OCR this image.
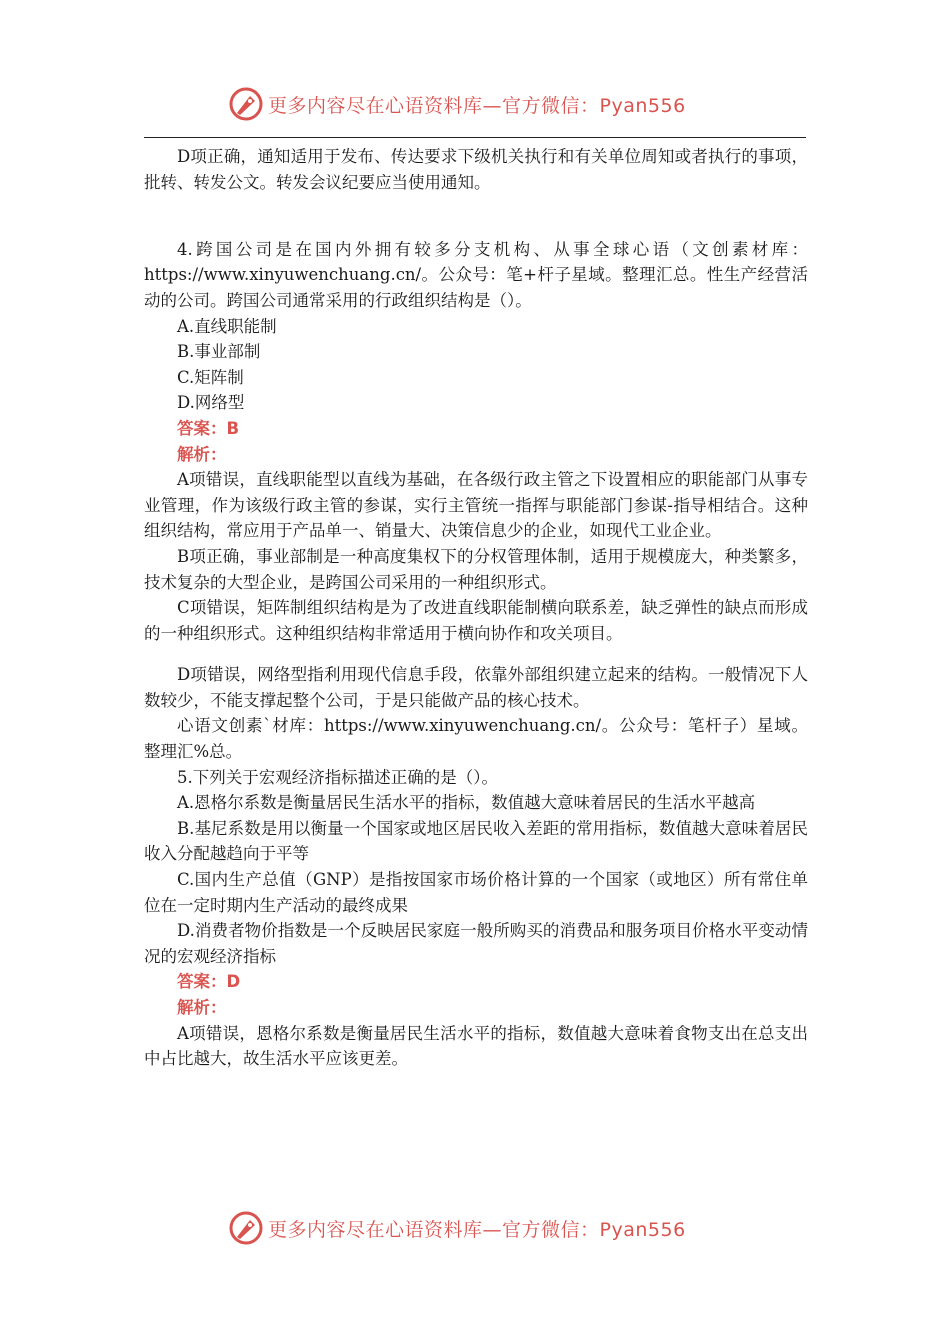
更多内容尽在心语资料库—官方微信：Pyan556

D项正确，通知适用于发布、传达要求下级机关执行和有关单位周知或者执行的事项，批转、转发公文。转发会议纪要应当使用通知。

4.跨国公司是在国内外拥有较多分支机构、从事全球心语（文创素材库：https://www.xinyuwenchuang.cn/。公众号：笔+杆子星域。整理汇总。性生产经营活动的公司。跨国公司通常采用的行政组织结构是（）。

A.直线职能制

B.事业部制

C.矩阵制

D.网络型

答案：B

解析：

A项错误，直线职能型以直线为基础，在各级行政主管之下设置相应的职能部门从事专业管理，作为该级行政主管的参谋，实行主管统一指挥与职能部门参谋-指导相结合。这种组织结构，常应用于产品单一、销量大、决策信息少的企业，如现代工业企业。

B项正确，事业部制是一种高度集权下的分权管理体制，适用于规模庞大，种类繁多，技术复杂的大型企业，是跨国公司采用的一种组织形式。

C项错误，矩阵制组织结构是为了改进直线职能制横向联系差，缺乏弹性的缺点而形成的一种组织形式。这种组织结构非常适用于横向协作和攻关项目。

D项错误，网络型指利用现代信息手段，依靠外部组织建立起来的结构。一般情况下人数较少，不能支撑起整个公司，于是只能做产品的核心技术。

心语文创素`材库：https://www.xinyuwenchuang.cn/。公众号：笔杆子）星域。整理汇%总。

5.下列关于宏观经济指标描述正确的是（）。

A.恩格尔系数是衡量居民生活水平的指标，数值越大意味着居民的生活水平越高

B.基尼系数是用以衡量一个国家或地区居民收入差距的常用指标，数值越大意味着居民收入分配越趋向于平等

C.国内生产总值（GNP）是指按国家市场价格计算的一个国家（或地区）所有常住单位在一定时期内生产活动的最终成果

D.消费者物价指数是一个反映居民家庭一般所购买的消费品和服务项目价格水平变动情况的宏观经济指标

答案：D

解析：

A项错误，恩格尔系数是衡量居民生活水平的指标，数值越大意味着食物支出在总支出中占比越大，故生活水平应该更差。

更多内容尽在心语资料库—官方微信：Pyan556
